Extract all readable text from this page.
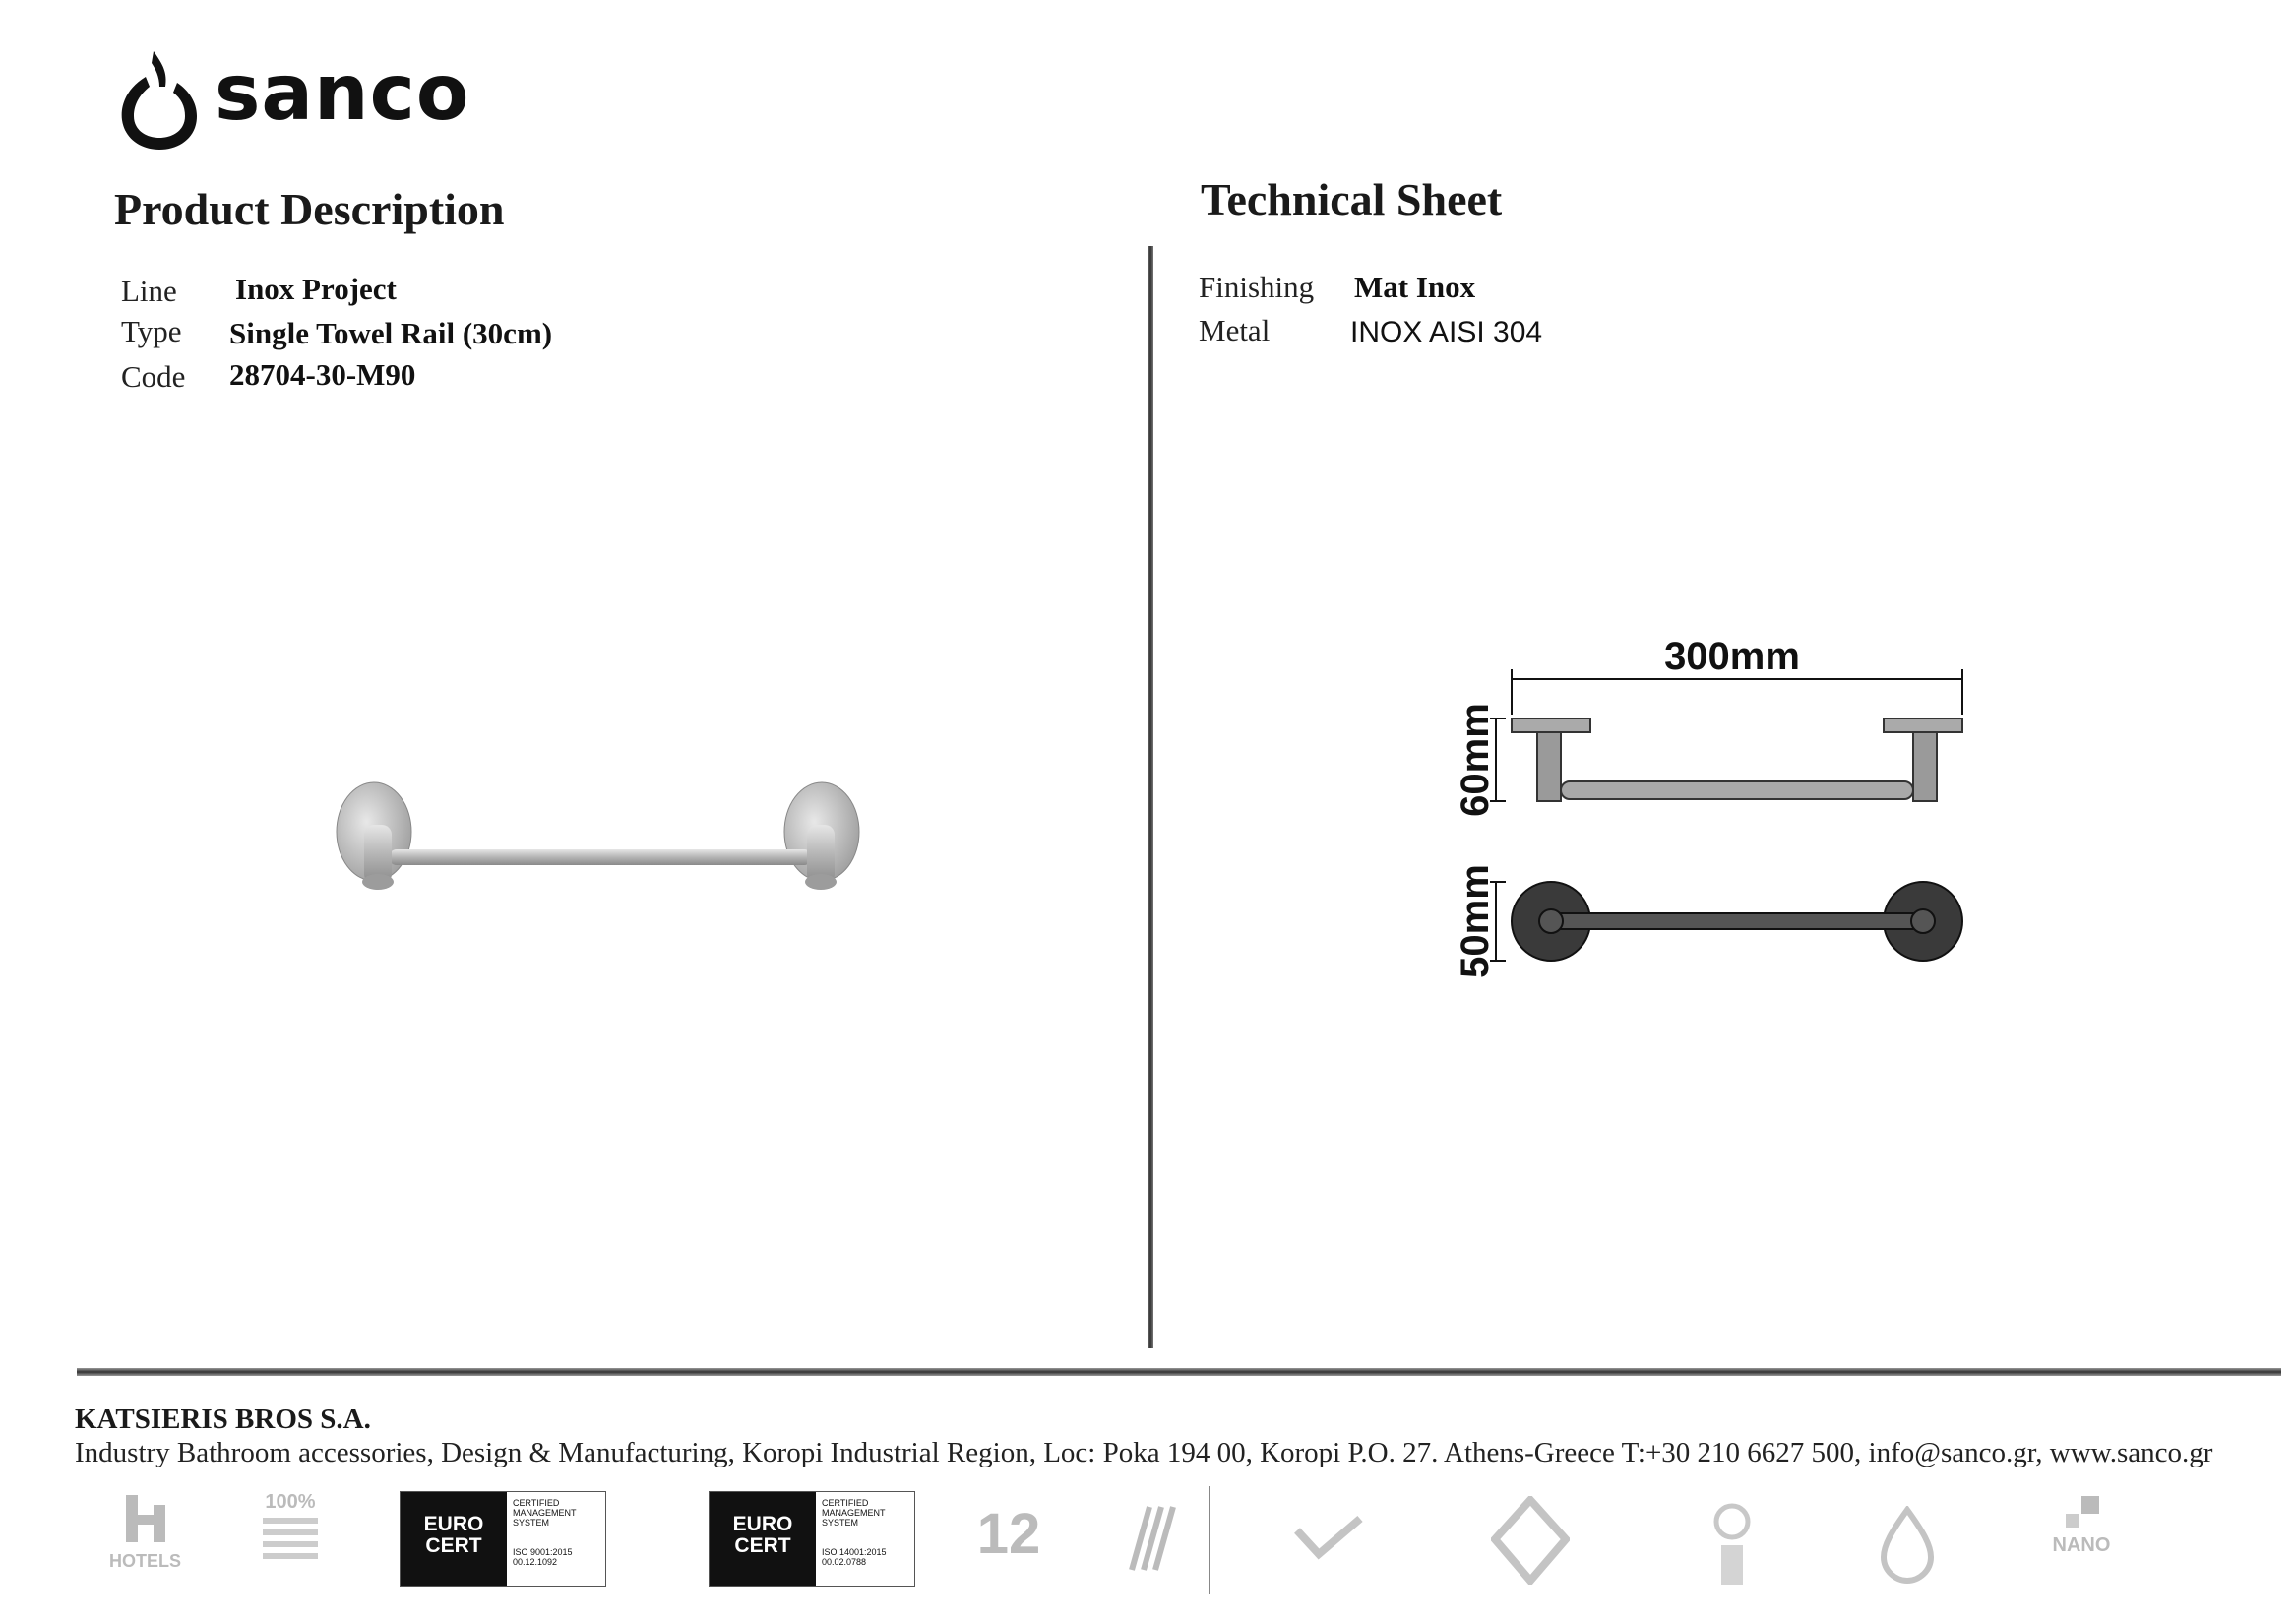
sanco
Product Description
Line Inox Project
Type Single Towel Rail (30cm)
Code 28704-30-M90
Technical Sheet
Finishing Mat Inox
Metal	INOX AISI 304
300mm
60mm
50mm
KATSIERIS BROS S.A.
Industry Bathroom accessories, Design & Manufacturing, Koropi Industrial Region, Loc: Poka 194 00, Koropi P.O. 27. Athens-Greece T:+30 210 6627 500, info@sanco.gr, www.sanco.gr
HOTELS
100%
EURO
CERT
CERTIFIED MANAGEMENT SYSTEM
ISO 9001:2015
00.12.1092
EURO
CERT
CERTIFIED MANAGEMENT SYSTEM
ISO 14001:2015
00.02.0788	12	NANO
